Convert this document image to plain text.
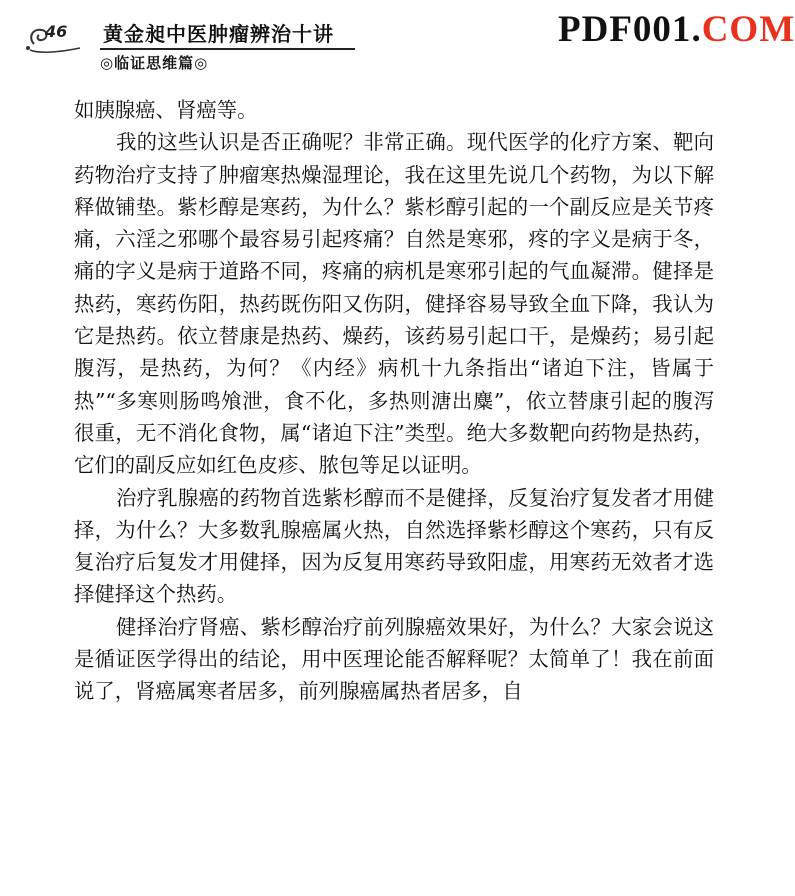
46 黄金昶中医肿瘤辨治十讲
◎临证思维篇◎
PDF001.COM

如胰腺癌、肾癌等。

我的这些认识是否正确呢？非常正确。现代医学的化疗方案、靶向药物治疗支持了肿瘤寒热燥湿理论，我在这里先说几个药物，为以下解释做铺垫。紫杉醇是寒药，为什么？紫杉醇引起的一个副反应是关节疼痛，六淫之邪哪个最容易引起疼痛？自然是寒邪，疼的字义是病于冬，痛的字义是病于道路不同，疼痛的病机是寒邪引起的气血凝滞。健择是热药，寒药伤阳，热药既伤阳又伤阴，健择容易导致全血下降，我认为它是热药。依立替康是热药、燥药，该药易引起口干，是燥药；易引起腹泻，是热药，为何？《内经》病机十九条指出“诸迫下注，皆属于热”“多寒则肠鸣飧泄，食不化，多热则溏出麋”，依立替康引起的腹泻很重，无不消化食物，属“诸迫下注”类型。绝大多数靶向药物是热药，它们的副反应如红色皮疹、脓包等足以证明。

治疗乳腺癌的药物首选紫杉醇而不是健择，反复治疗复发者才用健择，为什么？大多数乳腺癌属火热，自然选择紫杉醇这个寒药，只有反复治疗后复发才用健择，因为反复用寒药导致阳虚，用寒药无效者才选择健择这个热药。

健择治疗肾癌、紫杉醇治疗前列腺癌效果好，为什么？大家会说这是循证医学得出的结论，用中医理论能否解释呢？太简单了！我在前面说了，肾癌属寒者居多，前列腺癌属热者居多，自
